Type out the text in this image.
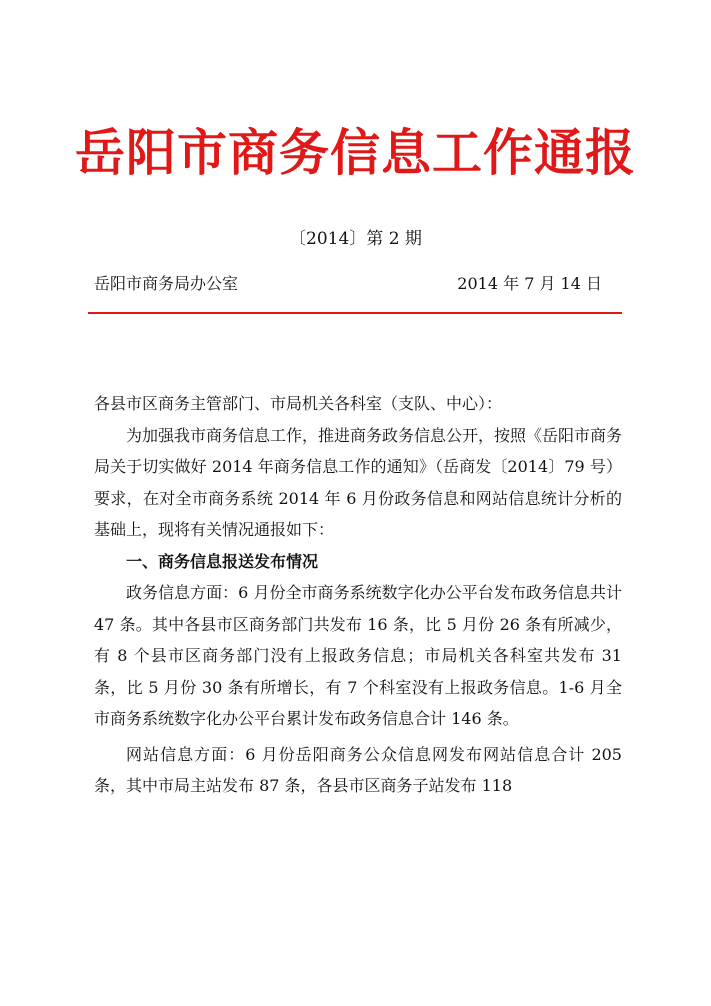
岳阳市商务信息工作通报
〔2014〕第 2 期
岳阳市商务局办公室	2014 年 7 月 14 日

各县市区商务主管部门、市局机关各科室（支队、中心）：

为加强我市商务信息工作，推进商务政务信息公开，按照《岳阳市商务局关于切实做好 2014 年商务信息工作的通知》（岳商发〔2014〕79 号）要求，在对全市商务系统 2014 年 6 月份政务信息和网站信息统计分析的基础上，现将有关情况通报如下：

一、商务信息报送发布情况

政务信息方面：6 月份全市商务系统数字化办公平台发布政务信息共计 47 条。其中各县市区商务部门共发布 16 条，比 5 月份 26 条有所减少，有 8 个县市区商务部门没有上报政务信息；市局机关各科室共发布 31 条，比 5 月份 30 条有所增长，有 7 个科室没有上报政务信息。1-6 月全市商务系统数字化办公平台累计发布政务信息合计 146 条。

网站信息方面：6 月份岳阳商务公众信息网发布网站信息合计 205 条，其中市局主站发布 87 条，各县市区商务子站发布 118
